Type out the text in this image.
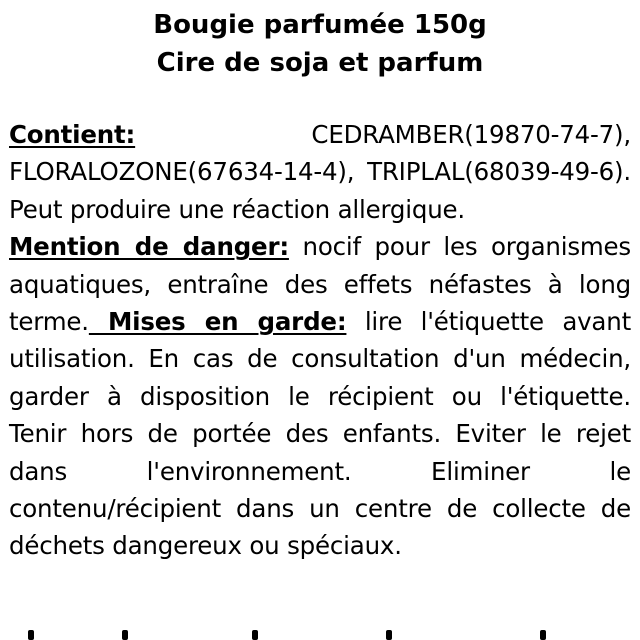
Bougie parfumée 150g
Cire de soja et parfum
Contient: CEDRAMBER(19870-74-7), FLORALOZONE(67634-14-4), TRIPLAL(68039-49-6). Peut produire une réaction allergique.
Mention de danger: nocif pour les organismes aquatiques, entraîne des effets néfastes à long terme. Mises en garde: lire l'étiquette avant utilisation. En cas de consultation d'un médecin, garder à disposition le récipient ou l'étiquette. Tenir hors de portée des enfants. Eviter le rejet dans l'environnement. Eliminer le contenu/récipient dans un centre de collecte de déchets dangereux ou spéciaux.
